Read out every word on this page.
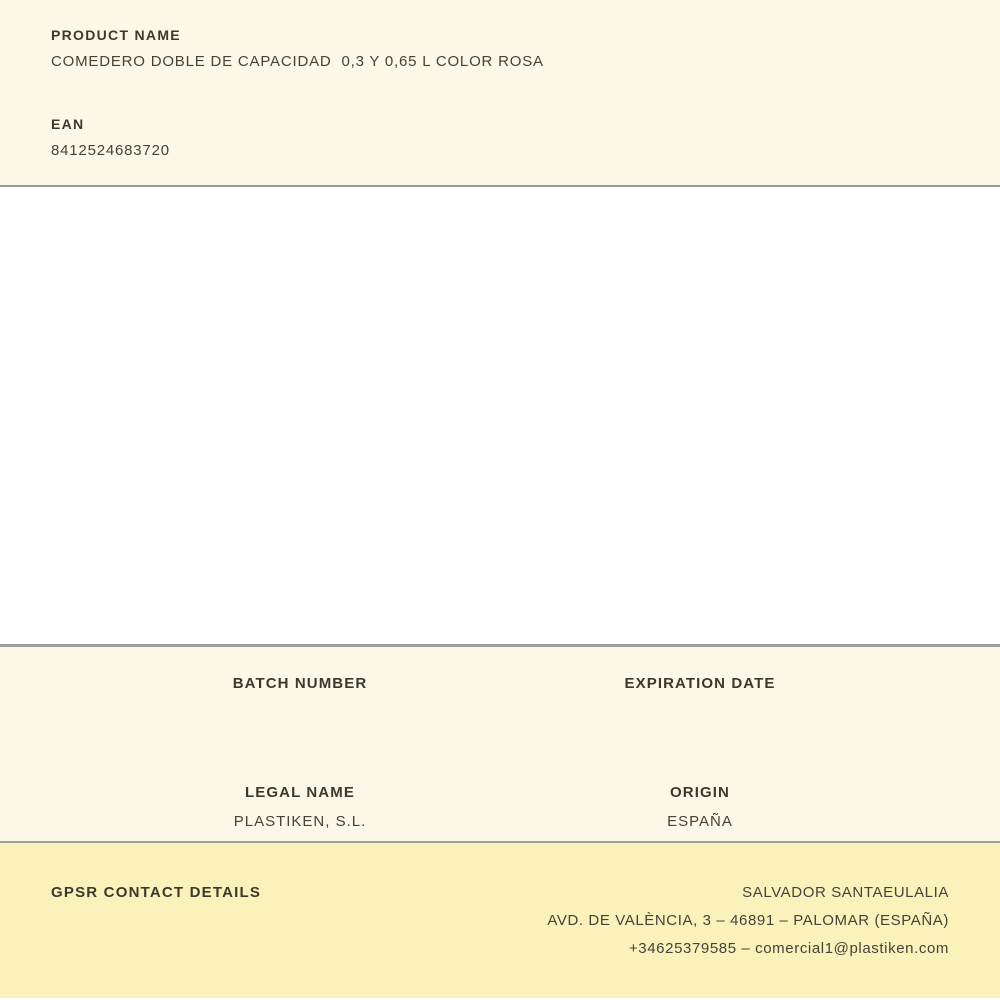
PRODUCT NAME
COMEDERO DOBLE DE CAPACIDAD  0,3 Y 0,65 L COLOR ROSA
EAN
8412524683720
BATCH NUMBER	EXPIRATION DATE
LEGAL NAME
PLASTIKEN, S.L.
ORIGIN
ESPAÑA
GPSR CONTACT DETAILS	SALVADOR SANTAEULALIA
AVD. DE VALÈNCIA, 3 – 46891 – PALOMAR (ESPAÑA)
+34625379585 – comercial1@plastiken.com
